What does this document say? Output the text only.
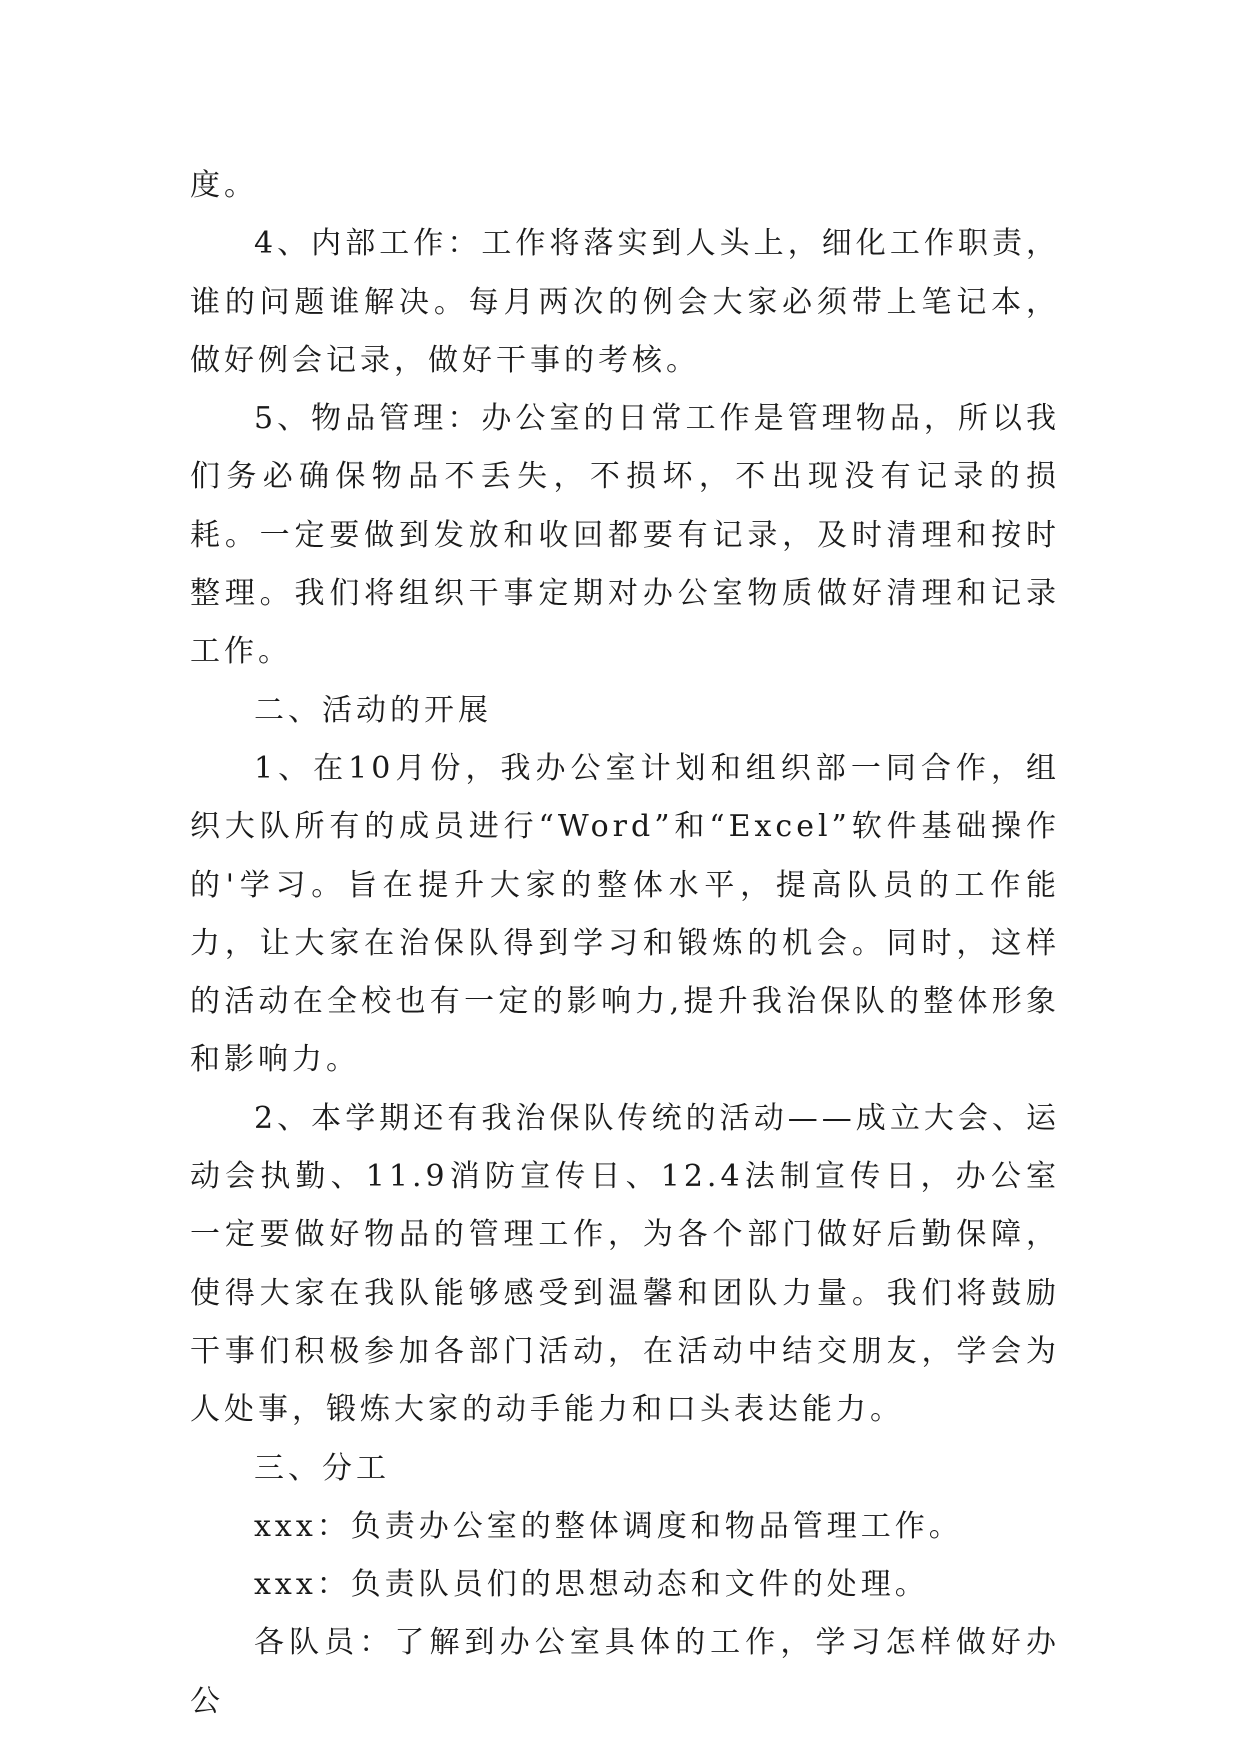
度。

4、内部工作：工作将落实到人头上，细化工作职责，谁的问题谁解决。每月两次的例会大家必须带上笔记本，做好例会记录，做好干事的考核。

5、物品管理：办公室的日常工作是管理物品，所以我们务必确保物品不丢失，不损坏，不出现没有记录的损耗。一定要做到发放和收回都要有记录，及时清理和按时整理。我们将组织干事定期对办公室物质做好清理和记录工作。

二、活动的开展

1、在10月份，我办公室计划和组织部一同合作，组织大队所有的成员进行“Word”和“Excel”软件基础操作的'学习。旨在提升大家的整体水平，提高队员的工作能力，让大家在治保队得到学习和锻炼的机会。同时，这样的活动在全校也有一定的影响力,提升我治保队的整体形象和影响力。

2、本学期还有我治保队传统的活动——成立大会、运动会执勤、11.9消防宣传日、12.4法制宣传日，办公室一定要做好物品的管理工作，为各个部门做好后勤保障，使得大家在我队能够感受到温馨和团队力量。我们将鼓励干事们积极参加各部门活动，在活动中结交朋友，学会为人处事，锻炼大家的动手能力和口头表达能力。

三、分工

xxx：负责办公室的整体调度和物品管理工作。

xxx：负责队员们的思想动态和文件的处理。

各队员：了解到办公室具体的工作，学习怎样做好办公
